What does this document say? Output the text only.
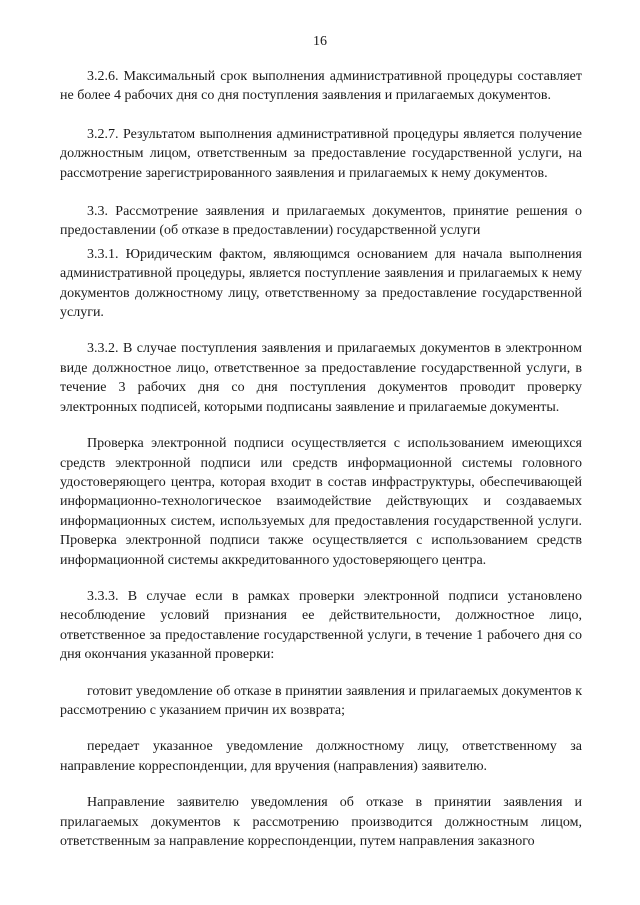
16

3.2.6. Максимальный срок выполнения административной процедуры составляет не более 4 рабочих дня со дня поступления заявления и прилагаемых документов.

3.2.7. Результатом выполнения административной процедуры является получение должностным лицом, ответственным за предоставление государственной услуги, на рассмотрение зарегистрированного заявления и прилагаемых к нему документов.

3.3. Рассмотрение заявления и прилагаемых документов, принятие решения о предоставлении (об отказе в предоставлении) государственной услуги

3.3.1. Юридическим фактом, являющимся основанием для начала выполнения административной процедуры, является поступление заявления и прилагаемых к нему документов должностному лицу, ответственному за предоставление государственной услуги.

3.3.2. В случае поступления заявления и прилагаемых документов в электронном виде должностное лицо, ответственное за предоставление государственной услуги, в течение 3 рабочих дня со дня поступления документов проводит проверку электронных подписей, которыми подписаны заявление и прилагаемые документы.

Проверка электронной подписи осуществляется с использованием имеющихся средств электронной подписи или средств информационной системы головного удостоверяющего центра, которая входит в состав инфраструктуры, обеспечивающей информационно-технологическое взаимодействие действующих и создаваемых информационных систем, используемых для предоставления государственной услуги. Проверка электронной подписи также осуществляется с использованием средств информационной системы аккредитованного удостоверяющего центра.

3.3.3. В случае если в рамках проверки электронной подписи установлено несоблюдение условий признания ее действительности, должностное лицо, ответственное за предоставление государственной услуги, в течение 1 рабочего дня со дня окончания указанной проверки:

готовит уведомление об отказе в принятии заявления и прилагаемых документов к рассмотрению с указанием причин их возврата;

передает указанное уведомление должностному лицу, ответственному за направление корреспонденции, для вручения (направления) заявителю.

Направление заявителю уведомления об отказе в принятии заявления и прилагаемых документов к рассмотрению производится должностным лицом, ответственным за направление корреспонденции, путем направления заказного
